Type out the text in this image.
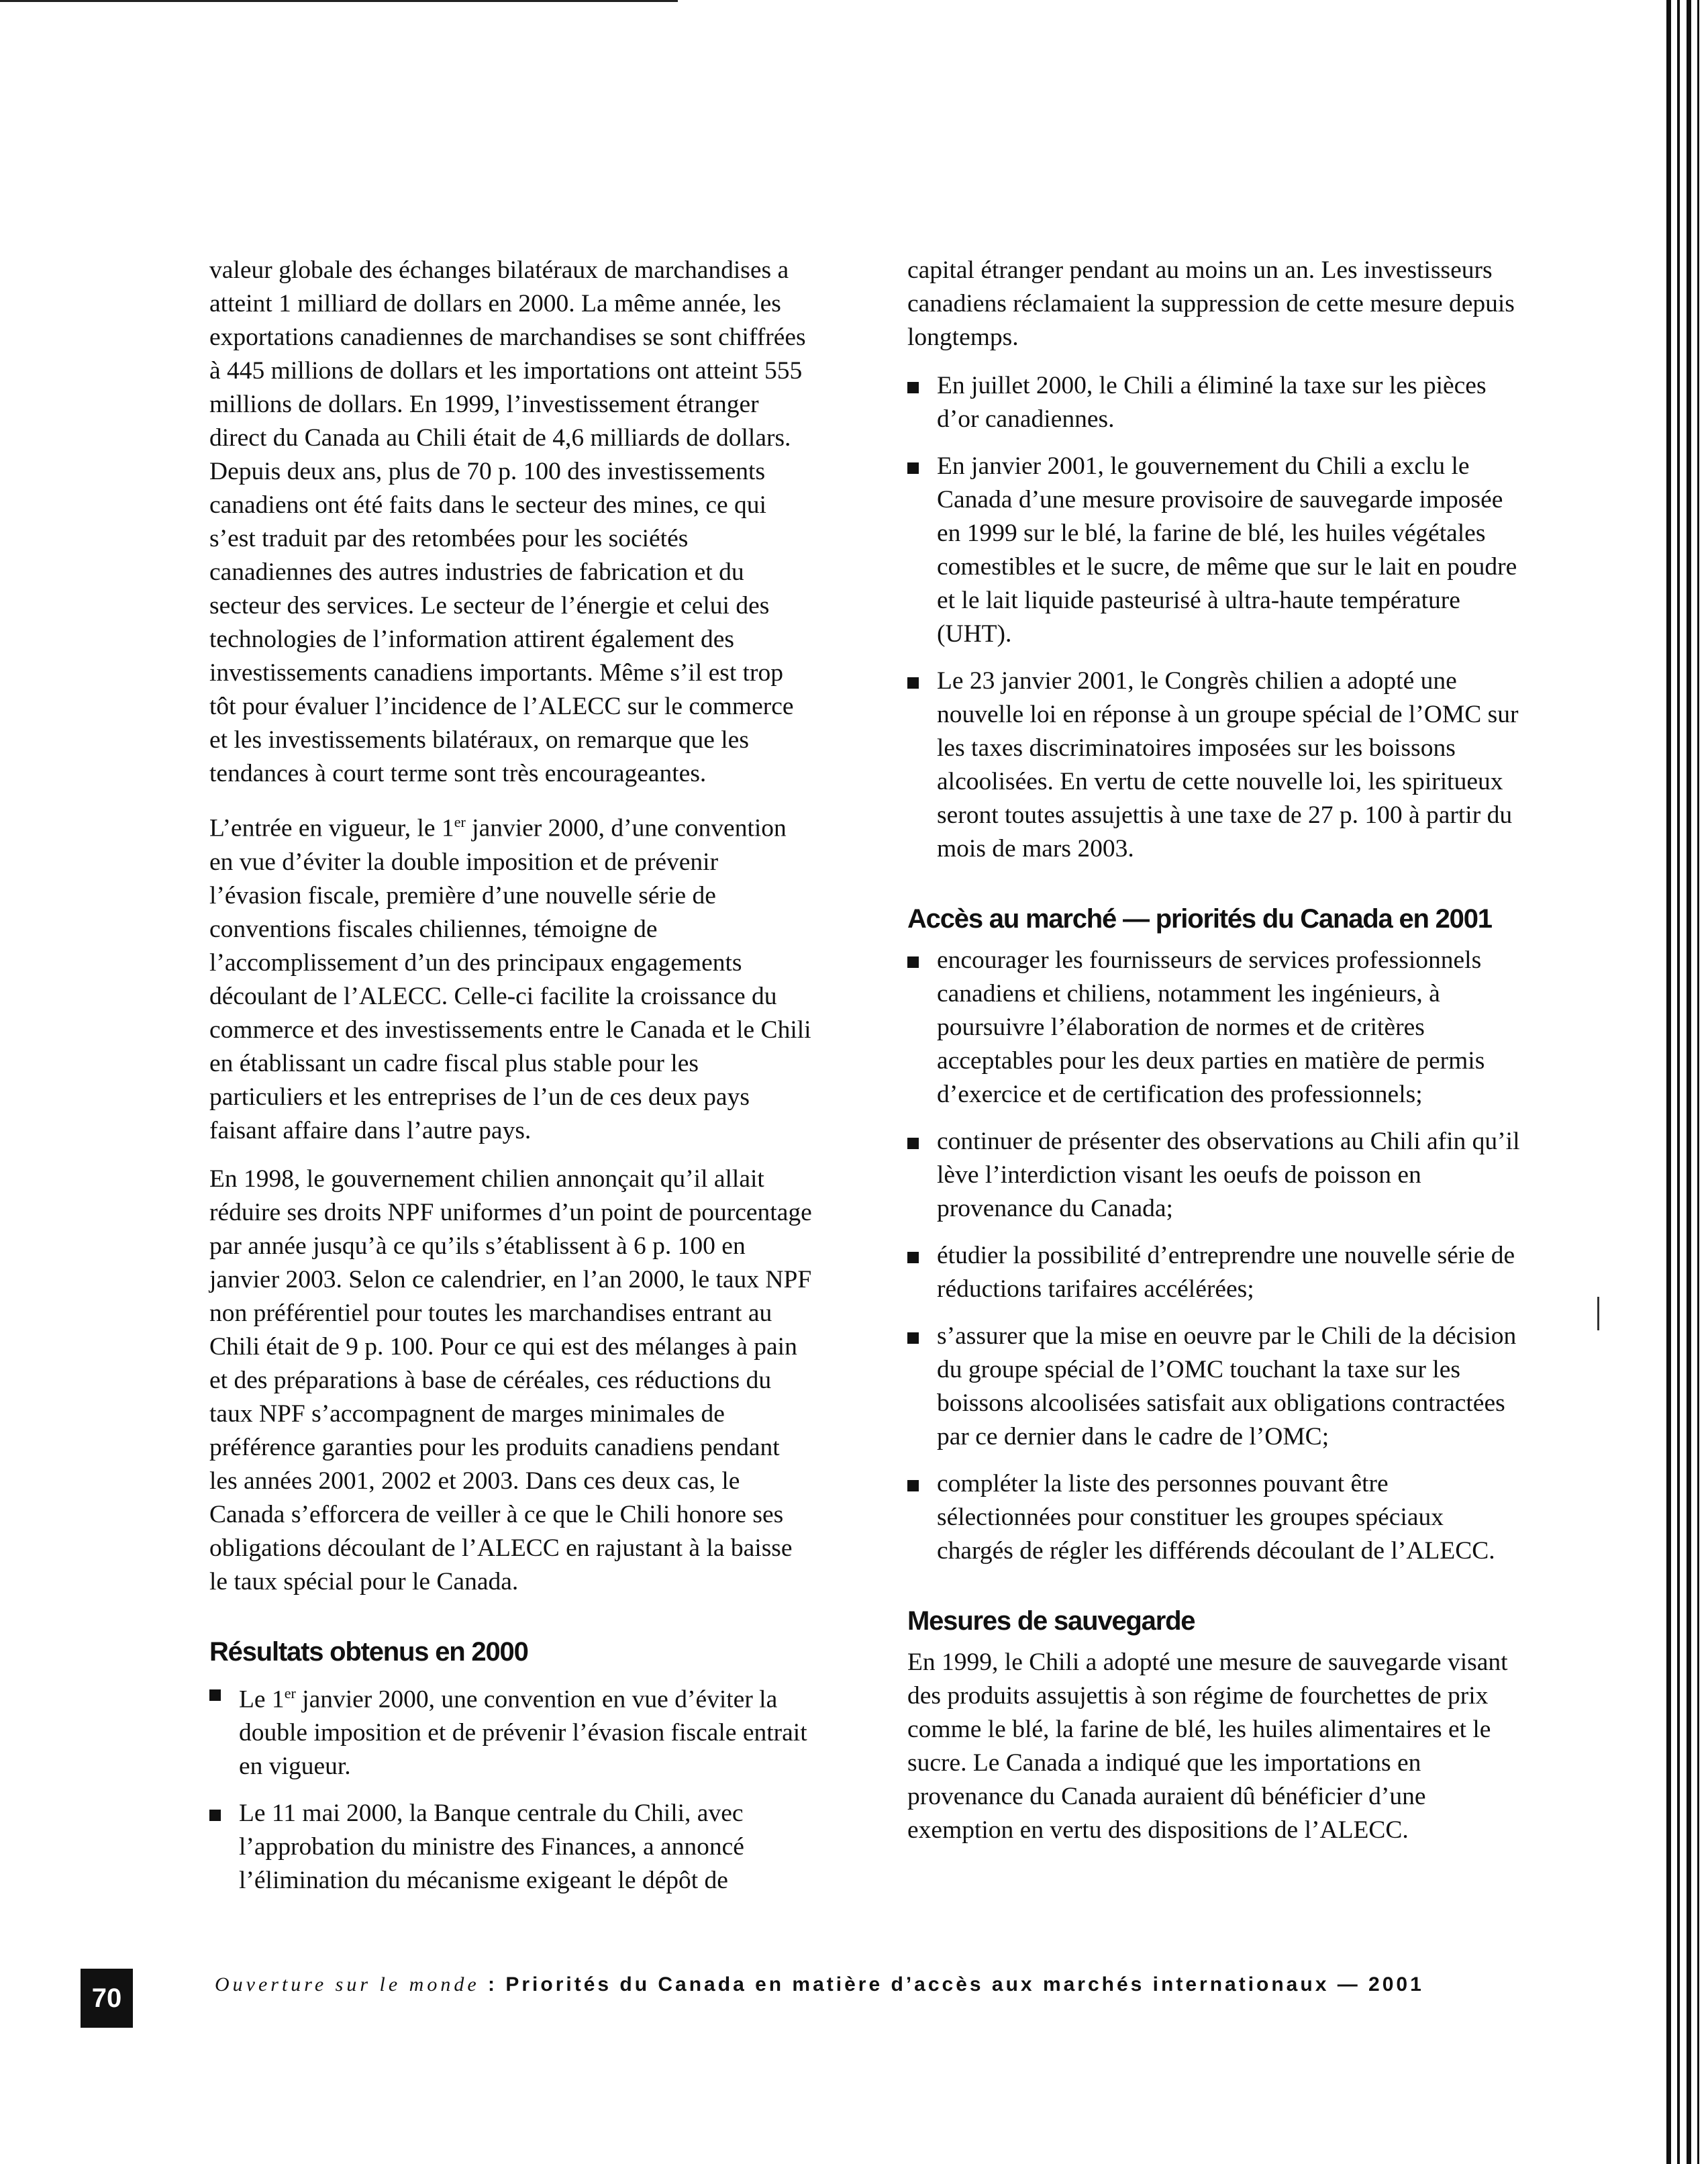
valeur globale des échanges bilatéraux de marchandises a atteint 1 milliard de dollars en 2000. La même année, les exportations canadiennes de marchandises se sont chiffrées à 445 millions de dollars et les importations ont atteint 555 millions de dollars. En 1999, l’investissement étranger direct du Canada au Chili était de 4,6 milliards de dollars. Depuis deux ans, plus de 70 p. 100 des investissements canadiens ont été faits dans le secteur des mines, ce qui s’est traduit par des retombées pour les sociétés canadiennes des autres industries de fabrication et du secteur des services. Le secteur de l’énergie et celui des technologies de l’information attirent également des investissements canadiens importants. Même s’il est trop tôt pour évaluer l’incidence de l’ALECC sur le commerce et les investissements bilatéraux, on remarque que les tendances à court terme sont très encourageantes.

L’entrée en vigueur, le 1er janvier 2000, d’une convention en vue d’éviter la double imposition et de prévenir l’évasion fiscale, première d’une nouvelle série de conventions fiscales chiliennes, témoigne de l’accomplissement d’un des principaux engagements découlant de l’ALECC. Celle-ci facilite la croissance du commerce et des investissements entre le Canada et le Chili en établissant un cadre fiscal plus stable pour les particuliers et les entreprises de l’un de ces deux pays faisant affaire dans l’autre pays.

En 1998, le gouvernement chilien annonçait qu’il allait réduire ses droits NPF uniformes d’un point de pourcentage par année jusqu’à ce qu’ils s’établissent à 6 p. 100 en janvier 2003. Selon ce calendrier, en l’an 2000, le taux NPF non préférentiel pour toutes les marchandises entrant au Chili était de 9 p. 100. Pour ce qui est des mélanges à pain et des préparations à base de céréales, ces réductions du taux NPF s’accompagnent de marges minimales de préférence garanties pour les produits canadiens pendant les années 2001, 2002 et 2003. Dans ces deux cas, le Canada s’efforcera de veiller à ce que le Chili honore ses obligations découlant de l’ALECC en rajustant à la baisse le taux spécial pour le Canada.

Résultats obtenus en 2000
Le 1er janvier 2000, une convention en vue d’éviter la double imposition et de prévenir l’évasion fiscale entrait en vigueur.
Le 11 mai 2000, la Banque centrale du Chili, avec l’approbation du ministre des Finances, a annoncé l’élimination du mécanisme exigeant le dépôt de

capital étranger pendant au moins un an. Les investisseurs canadiens réclamaient la suppression de cette mesure depuis longtemps.

En juillet 2000, le Chili a éliminé la taxe sur les pièces d’or canadiennes.
En janvier 2001, le gouvernement du Chili a exclu le Canada d’une mesure provisoire de sauvegarde imposée en 1999 sur le blé, la farine de blé, les huiles végétales comestibles et le sucre, de même que sur le lait en poudre et le lait liquide pasteurisé à ultra-haute température (UHT).
Le 23 janvier 2001, le Congrès chilien a adopté une nouvelle loi en réponse à un groupe spécial de l’OMC sur les taxes discriminatoires imposées sur les boissons alcoolisées. En vertu de cette nouvelle loi, les spiritueux seront toutes assujettis à une taxe de 27 p. 100 à partir du mois de mars 2003.
Accès au marché — priorités du Canada en 2001
encourager les fournisseurs de services professionnels canadiens et chiliens, notamment les ingénieurs, à poursuivre l’élaboration de normes et de critères acceptables pour les deux parties en matière de permis d’exercice et de certification des professionnels;
continuer de présenter des observations au Chili afin qu’il lève l’interdiction visant les oeufs de poisson en provenance du Canada;
étudier la possibilité d’entreprendre une nouvelle série de réductions tarifaires accélérées;
s’assurer que la mise en oeuvre par le Chili de la décision du groupe spécial de l’OMC touchant la taxe sur les boissons alcoolisées satisfait aux obligations contractées par ce dernier dans le cadre de l’OMC;
compléter la liste des personnes pouvant être sélectionnées pour constituer les groupes spéciaux chargés de régler les différends découlant de l’ALECC.
Mesures de sauvegarde

En 1999, le Chili a adopté une mesure de sauvegarde visant des produits assujettis à son régime de fourchettes de prix comme le blé, la farine de blé, les huiles alimentaires et le sucre. Le Canada a indiqué que les importations en provenance du Canada auraient dû bénéficier d’une exemption en vertu des dispositions de l’ALECC.

70	Ouverture sur le monde : Priorités du Canada en matière d’accès aux marchés internationaux — 2001
